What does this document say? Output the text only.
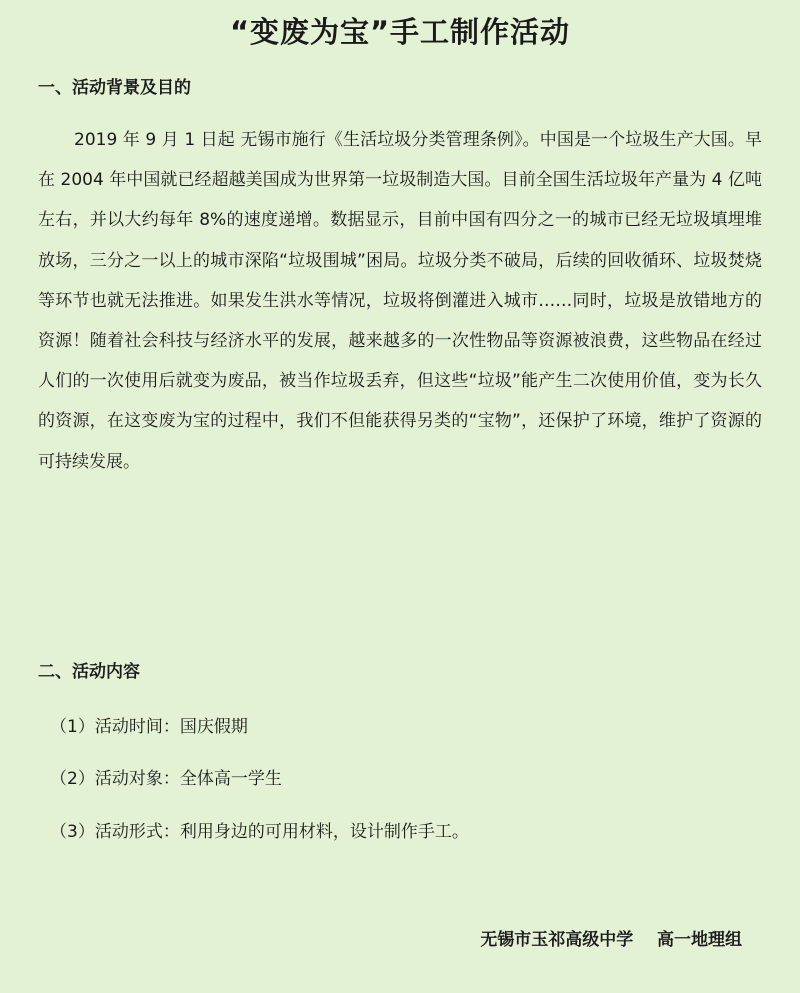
“变废为宝”手工制作活动
一、活动背景及目的

2019 年 9 月 1 日起 无锡市施行《生活垃圾分类管理条例》。中国是一个垃圾生产大国。早在 2004 年中国就已经超越美国成为世界第一垃圾制造大国。目前全国生活垃圾年产量为 4 亿吨左右，并以大约每年 8%的速度递增。数据显示，目前中国有四分之一的城市已经无垃圾填埋堆放场，三分之一以上的城市深陷“垃圾围城”困局。垃圾分类不破局，后续的回收循环、垃圾焚烧等环节也就无法推进。如果发生洪水等情况，垃圾将倒灌进入城市……同时，垃圾是放错地方的资源！随着社会科技与经济水平的发展，越来越多的一次性物品等资源被浪费，这些物品在经过人们的一次使用后就变为废品，被当作垃圾丢弃，但这些“垃圾”能产生二次使用价值，变为长久的资源，在这变废为宝的过程中，我们不但能获得另类的“宝物”，还保护了环境，维护了资源的可持续发展。

二、活动内容
（1）活动时间：国庆假期
（2）活动对象：全体高一学生
（3）活动形式：利用身边的可用材料，设计制作手工。
无锡市玉祁高级中学    高一地理组
